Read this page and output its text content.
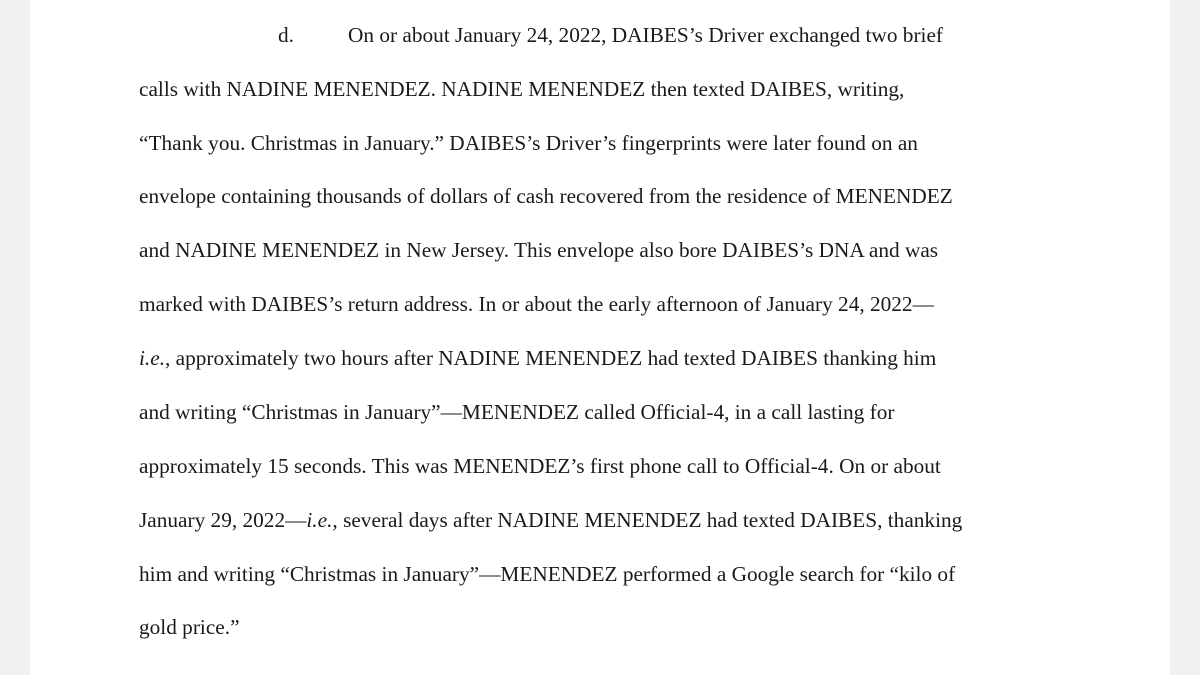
d.	On or about January 24, 2022, DAIBES’s Driver exchanged two brief

calls with NADINE MENENDEZ. NADINE MENENDEZ then texted DAIBES, writing,

“Thank you. Christmas in January.” DAIBES’s Driver’s fingerprints were later found on an

envelope containing thousands of dollars of cash recovered from the residence of MENENDEZ

and NADINE MENENDEZ in New Jersey. This envelope also bore DAIBES’s DNA and was

marked with DAIBES’s return address. In or about the early afternoon of January 24, 2022—

i.e., approximately two hours after NADINE MENENDEZ had texted DAIBES thanking him

and writing “Christmas in January”—MENENDEZ called Official-4, in a call lasting for

approximately 15 seconds. This was MENENDEZ’s first phone call to Official-4. On or about

January 29, 2022—i.e., several days after NADINE MENENDEZ had texted DAIBES, thanking

him and writing “Christmas in January”—MENENDEZ performed a Google search for “kilo of

gold price.”
